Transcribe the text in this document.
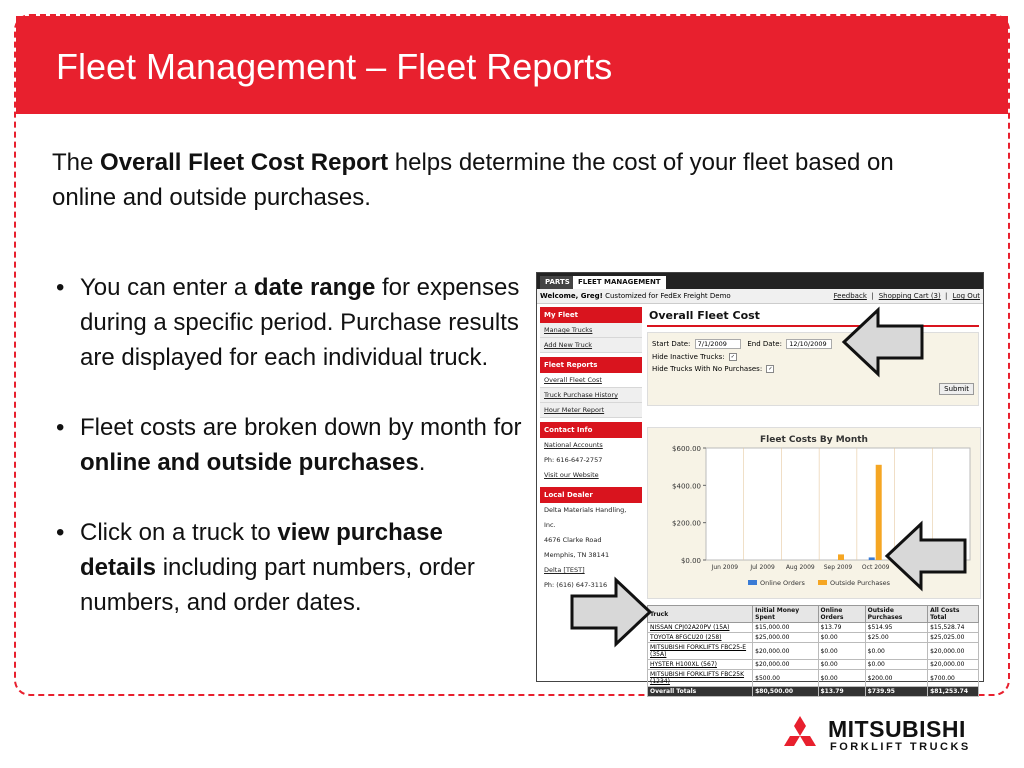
Fleet Management – Fleet Reports
The Overall Fleet Cost Report helps determine the cost of your fleet based on online and outside purchases.
• You can enter a date range for expenses during a specific period. Purchase results are displayed for each individual truck.
• Fleet costs are broken down by month for online and outside purchases.
• Click on a truck to view purchase details including part numbers, order numbers, and order dates.
PARTS	FLEET MANAGEMENT
Welcome, Greg! Customized for FedEx Freight Demo	Feedback | Shopping Cart (3) | Log Out
My Fleet
Manage Trucks
Add New Truck
Fleet Reports
Overall Fleet Cost
Truck Purchase History
Hour Meter Report
Contact Info
National Accounts
Ph: 616-647-2757
Visit our Website
Local Dealer
Delta Materials Handling,
Inc.
4676 Clarke Road
Memphis, TN 38141
Delta [TEST]
Ph: (616) 647-3116
Overall Fleet Cost
Start Date: 7/1/2009	End Date: 12/10/2009
Hide Inactive Trucks: ✓
Hide Trucks With No Purchases: ✓
Submit
Fleet Costs By Month
$600.00
$400.00
$200.00
$0.00
Jun 2009 Jul 2009 Aug 2009 Sep 2009 Oct 2009
Online Orders	Outside Purchases
Truck	Initial Money Spent	Online Orders	Outside Purchases	All Costs Total
NISSAN CPJ02A20PV (15A)	$15,000.00	$13.79	$514.95	$15,528.74
TOYOTA 8FGCU20 (258)	$25,000.00	$0.00	$25.00	$25,025.00
MITSUBISHI FORKLIFTS FBC25-E (35A)	$20,000.00	$0.00	$0.00	$20,000.00
HYSTER H100XL (567)	$20,000.00	$0.00	$0.00	$20,000.00
MITSUBISHI FORKLIFTS FBC25K (1234)	$500.00	$0.00	$200.00	$700.00
Overall Totals	$80,500.00	$13.79	$739.95	$81,253.74
MITSUBISHI
FORKLIFT TRUCKS
